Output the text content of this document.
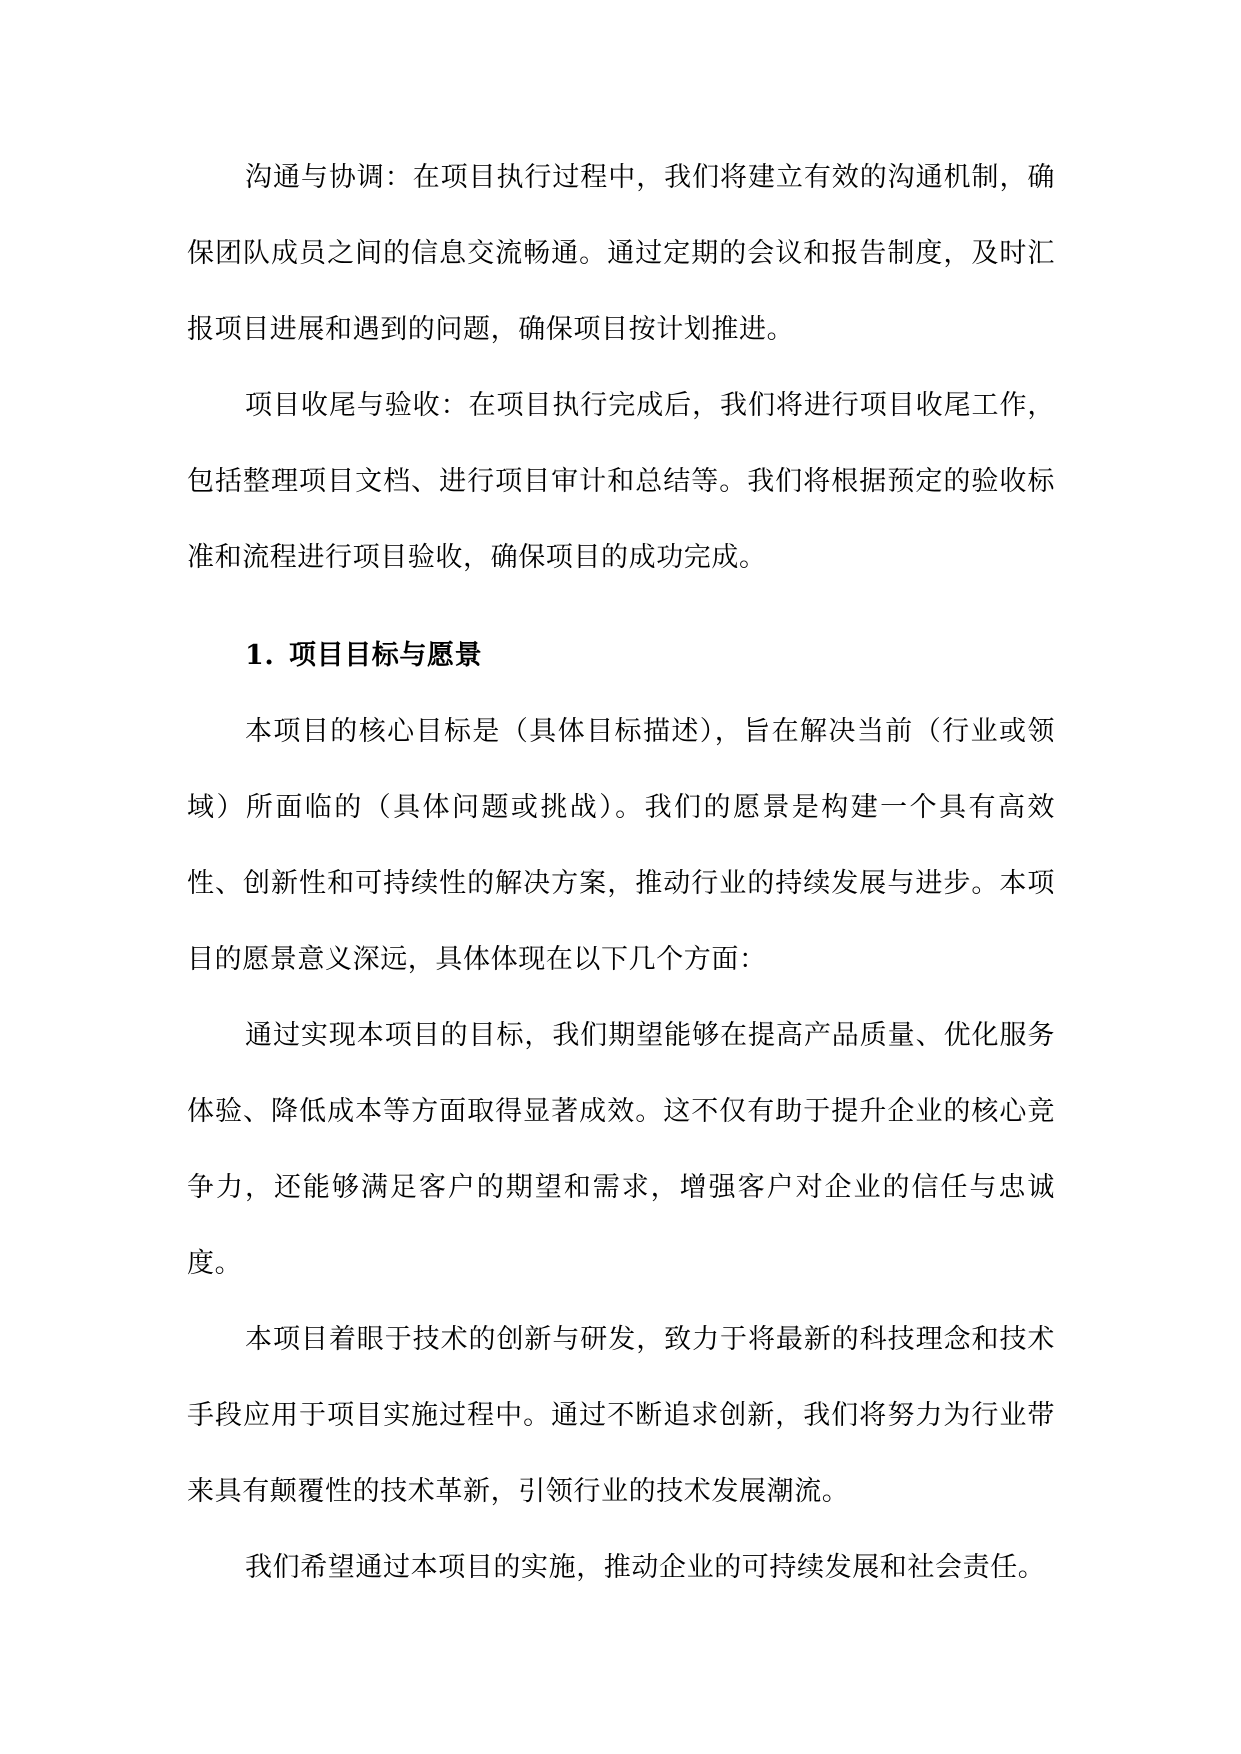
沟通与协调：在项目执行过程中，我们将建立有效的沟通机制，确保团队成员之间的信息交流畅通。通过定期的会议和报告制度，及时汇报项目进展和遇到的问题，确保项目按计划推进。

项目收尾与验收：在项目执行完成后，我们将进行项目收尾工作，包括整理项目文档、进行项目审计和总结等。我们将根据预定的验收标准和流程进行项目验收，确保项目的成功完成。

1. 项目目标与愿景

本项目的核心目标是（具体目标描述），旨在解决当前（行业或领域）所面临的（具体问题或挑战）。我们的愿景是构建一个具有高效性、创新性和可持续性的解决方案，推动行业的持续发展与进步。本项目的愿景意义深远，具体体现在以下几个方面：

通过实现本项目的目标，我们期望能够在提高产品质量、优化服务体验、降低成本等方面取得显著成效。这不仅有助于提升企业的核心竞争力，还能够满足客户的期望和需求，增强客户对企业的信任与忠诚度。

本项目着眼于技术的创新与研发，致力于将最新的科技理念和技术手段应用于项目实施过程中。通过不断追求创新，我们将努力为行业带来具有颠覆性的技术革新，引领行业的技术发展潮流。

我们希望通过本项目的实施，推动企业的可持续发展和社会责任。
